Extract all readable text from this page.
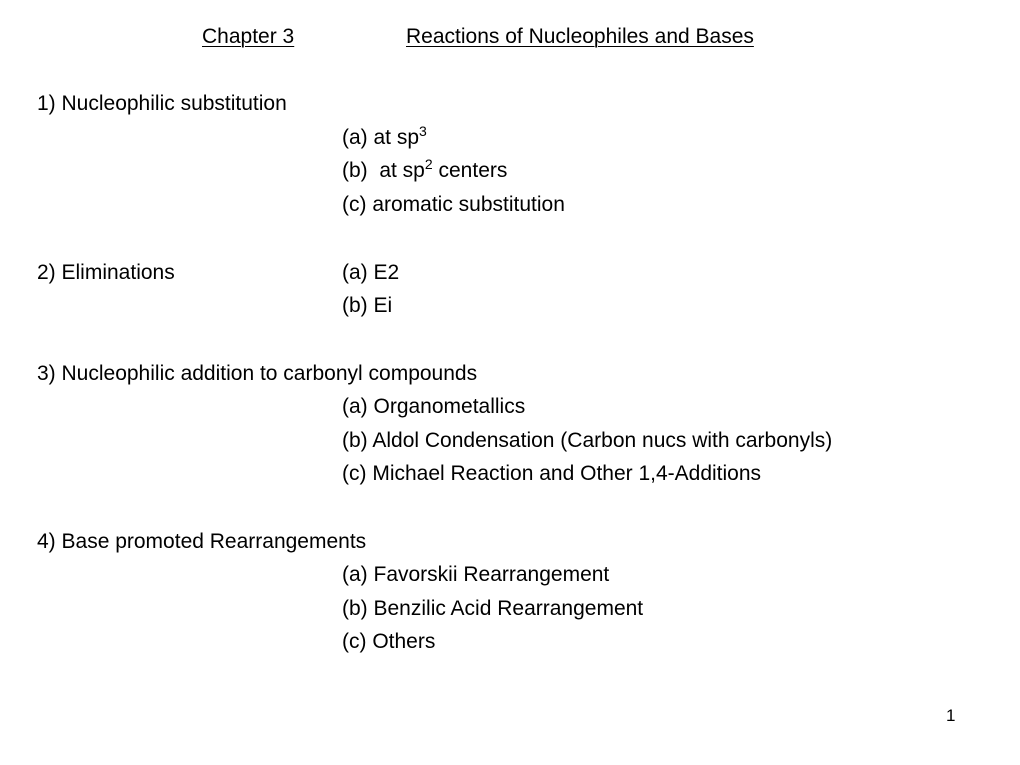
Chapter 3	Reactions of Nucleophiles and Bases
1) Nucleophilic substitution
(a) at $sp^3$
(b)  at $sp^2$ centers
(c) aromatic substitution
2) Eliminations	(a) E2
(b) Ei
3) Nucleophilic addition to carbonyl compounds
(a) Organometallics
(b) Aldol Condensation (Carbon nucs with carbonyls)
(c) Michael Reaction and Other 1,4-Additions
4) Base promoted Rearrangements
(a) Favorskii Rearrangement
(b) Benzilic Acid Rearrangement
(c) Others
1
